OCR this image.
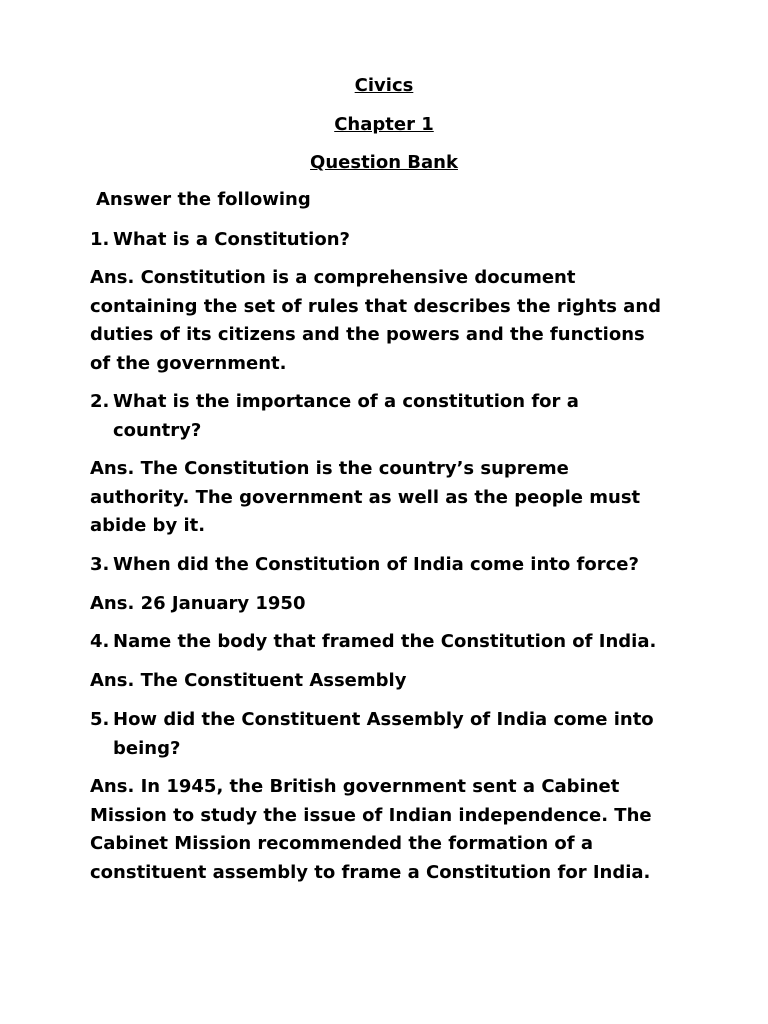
Civics

Chapter 1

Question Bank

Answer the following

1. What is a Constitution?
Ans. Constitution is a comprehensive document
containing the set of rules that describes the rights and
duties of its citizens and the powers and the functions
of the government.
2. What is the importance of a constitution for a
country?
Ans. The Constitution is the country’s supreme
authority. The government as well as the people must
abide by it.
3. When did the Constitution of India come into force?
Ans. 26 January 1950
4. Name the body that framed the Constitution of India.
Ans. The Constituent Assembly
5. How did the Constituent Assembly of India come into
being?
Ans. In 1945, the British government sent a Cabinet
Mission to study the issue of Indian independence. The
Cabinet Mission recommended the formation of a
constituent assembly to frame a Constitution for India.
